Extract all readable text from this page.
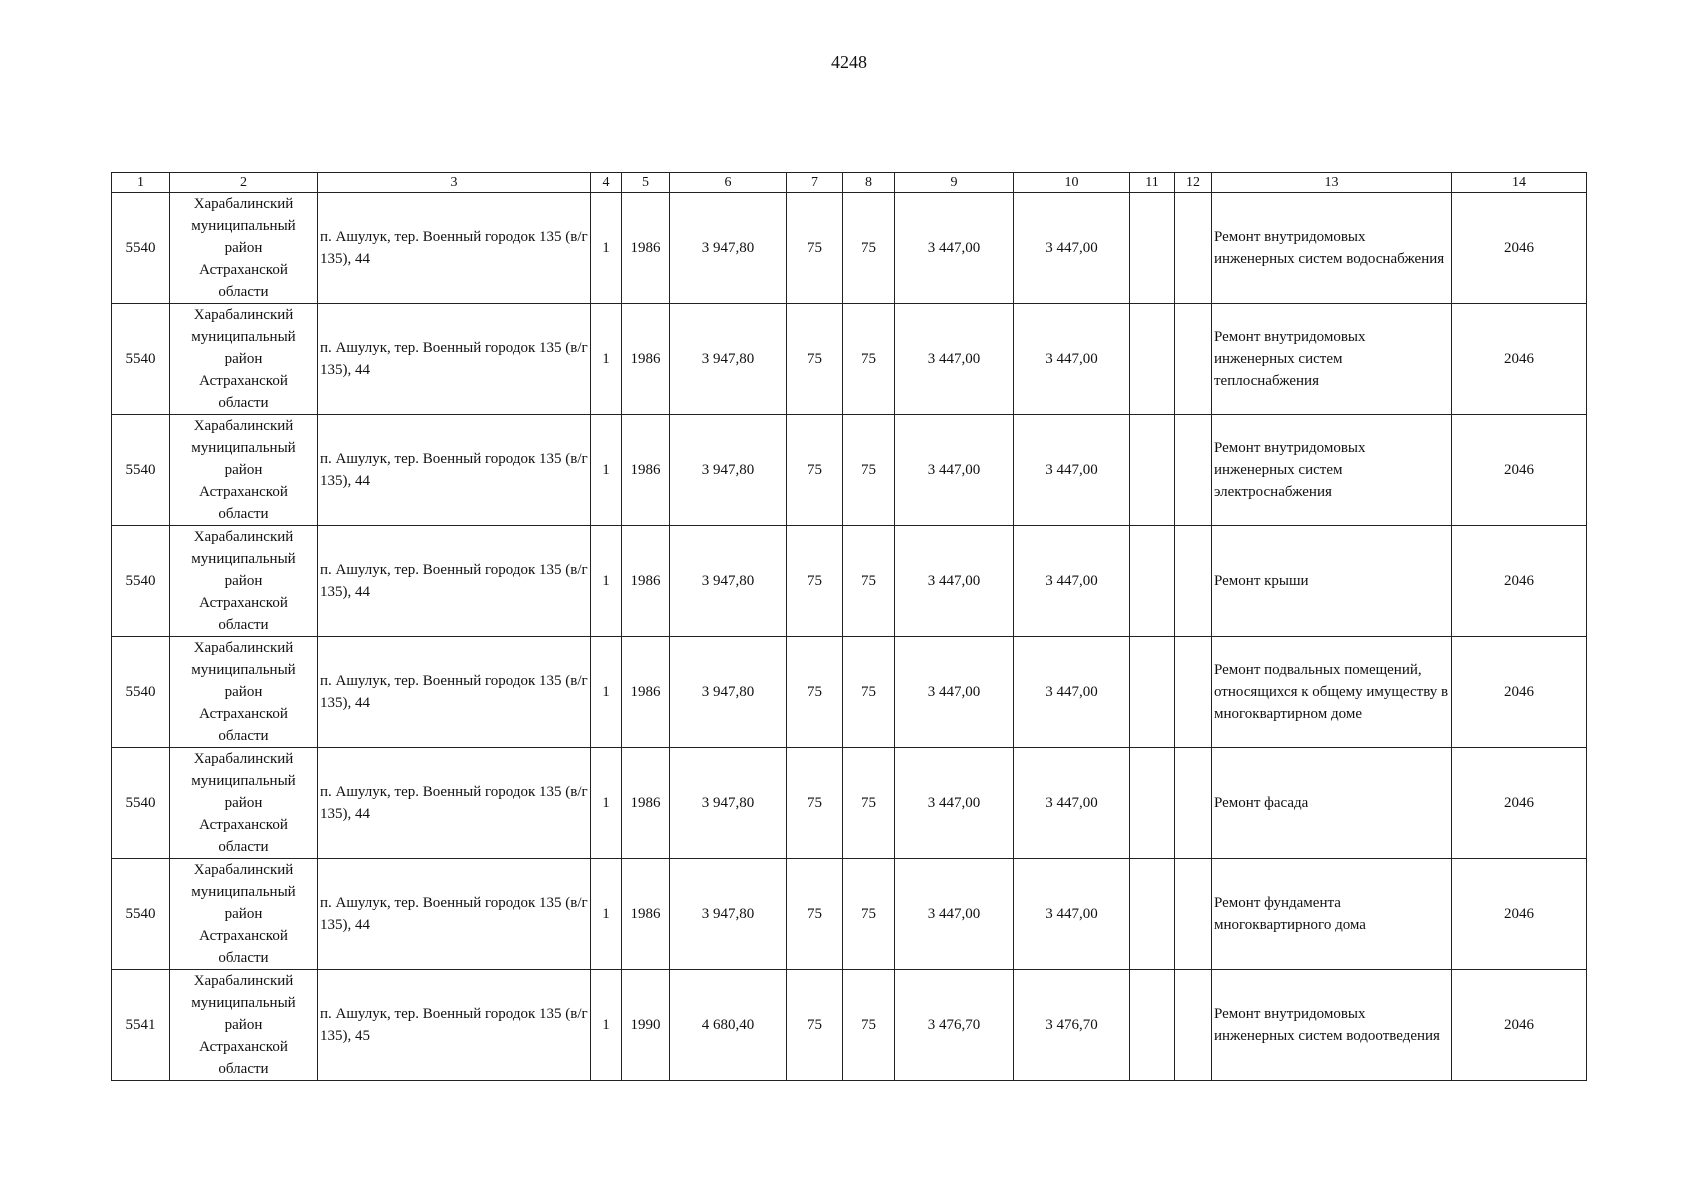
4248
1	2	3	4	5	6	7	8	9	10	11	12	13	14
5540	Харабалинский
муниципальный
район
Астраханской
области	п. Ашулук, тер. Военный городок 135 (в/г 135), 44	1	1986	3 947,80	75	75	3 447,00	3 447,00			Ремонт внутридомовых инженерных систем водоснабжения	2046
5540	Харабалинский
муниципальный
район
Астраханской
области	п. Ашулук, тер. Военный городок 135 (в/г 135), 44	1	1986	3 947,80	75	75	3 447,00	3 447,00			Ремонт внутридомовых инженерных систем теплоснабжения	2046
5540	Харабалинский
муниципальный
район
Астраханской
области	п. Ашулук, тер. Военный городок 135 (в/г 135), 44	1	1986	3 947,80	75	75	3 447,00	3 447,00			Ремонт внутридомовых инженерных систем электроснабжения	2046
5540	Харабалинский
муниципальный
район
Астраханской
области	п. Ашулук, тер. Военный городок 135 (в/г 135), 44	1	1986	3 947,80	75	75	3 447,00	3 447,00			Ремонт крыши	2046
5540	Харабалинский
муниципальный
район
Астраханской
области	п. Ашулук, тер. Военный городок 135 (в/г 135), 44	1	1986	3 947,80	75	75	3 447,00	3 447,00			Ремонт подвальных помещений, относящихся к общему имуществу в многоквартирном доме	2046
5540	Харабалинский
муниципальный
район
Астраханской
области	п. Ашулук, тер. Военный городок 135 (в/г 135), 44	1	1986	3 947,80	75	75	3 447,00	3 447,00			Ремонт фасада	2046
5540	Харабалинский
муниципальный
район
Астраханской
области	п. Ашулук, тер. Военный городок 135 (в/г 135), 44	1	1986	3 947,80	75	75	3 447,00	3 447,00			Ремонт фундамента многоквартирного дома	2046
5541	Харабалинский
муниципальный
район
Астраханской
области	п. Ашулук, тер. Военный городок 135 (в/г 135), 45	1	1990	4 680,40	75	75	3 476,70	3 476,70			Ремонт внутридомовых инженерных систем водоотведения	2046
